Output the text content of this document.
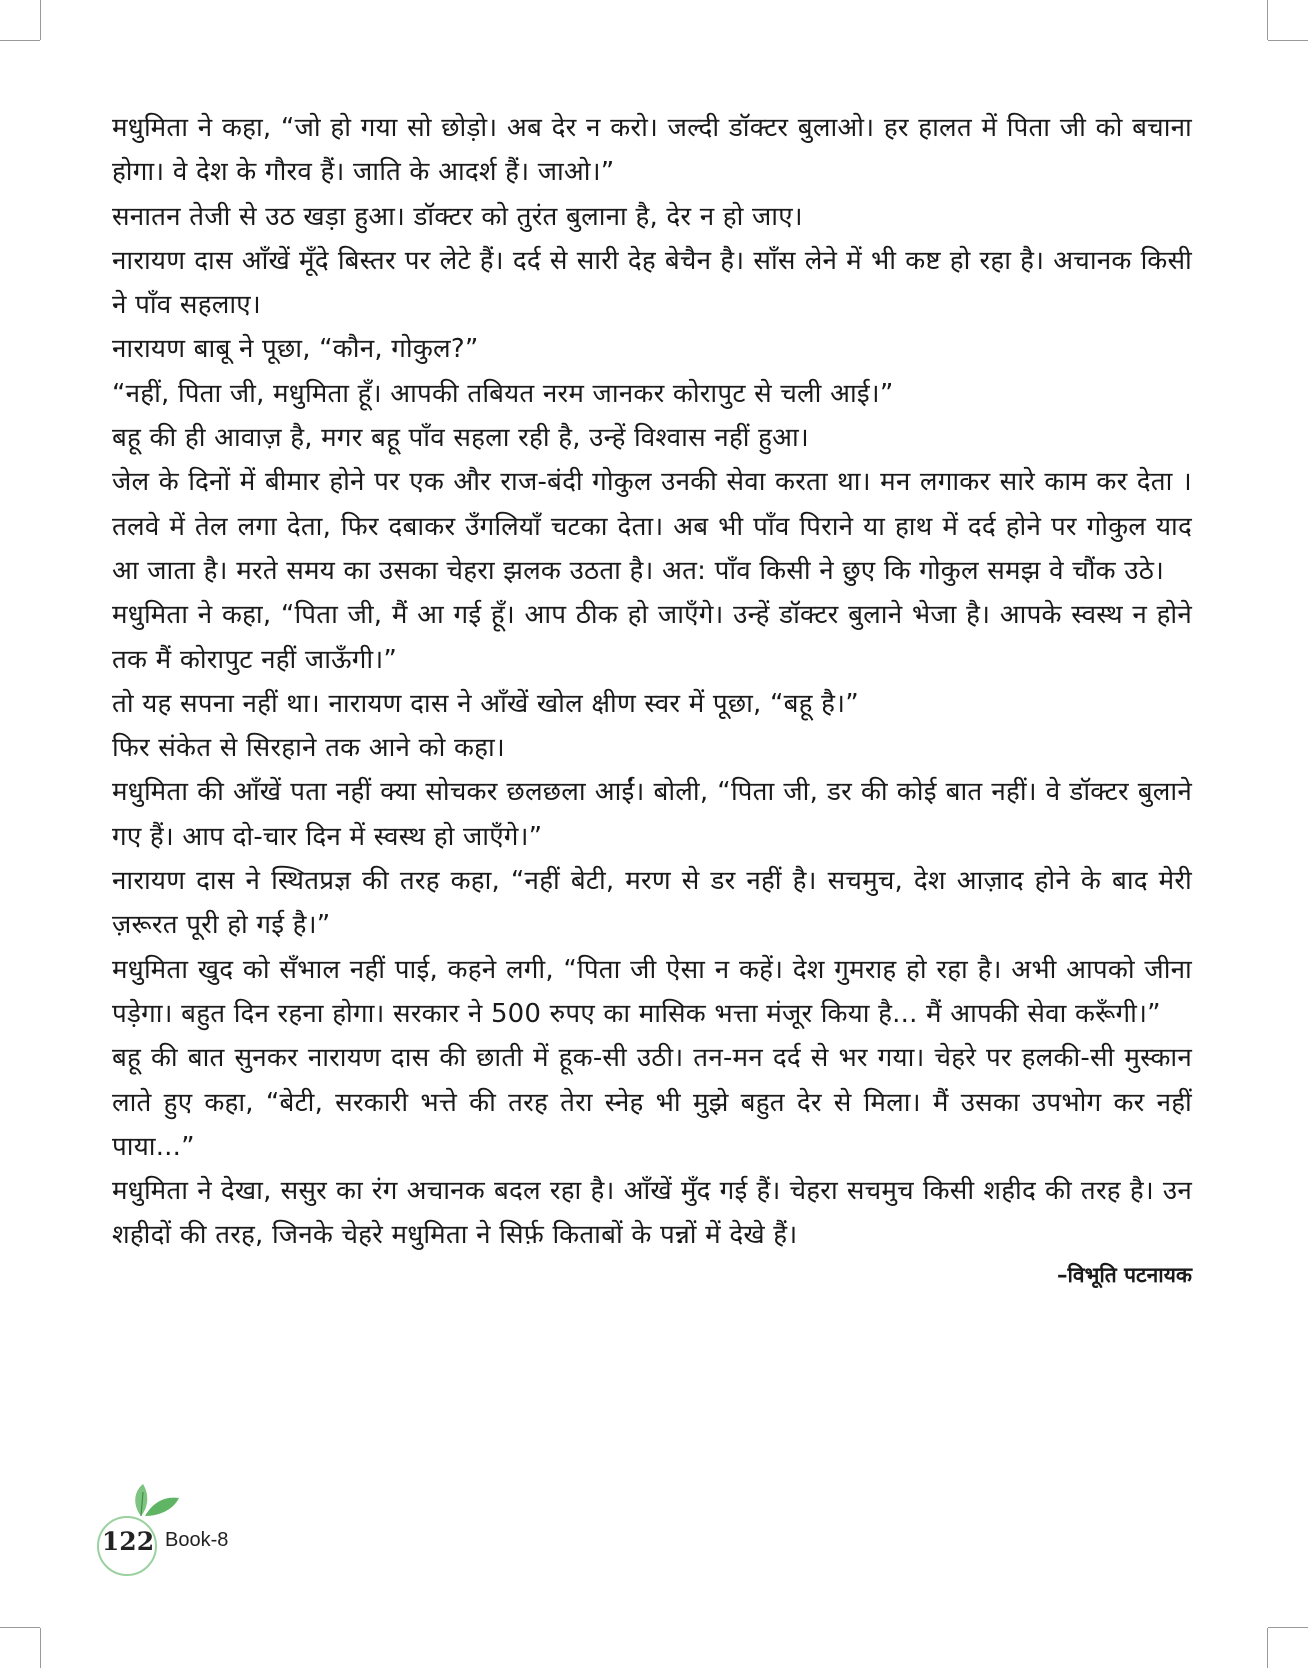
मधुमिता ने कहा, “जो हो गया सो छोड़ो। अब देर न करो। जल्दी डॉक्टर बुलाओ। हर हालत में पिता जी को बचाना होगा। वे देश के गौरव हैं। जाति के आदर्श हैं। जाओ।”

सनातन तेजी से उठ खड़ा हुआ। डॉक्टर को तुरंत बुलाना है, देर न हो जाए।

नारायण दास आँखें मूँदे बिस्तर पर लेटे हैं। दर्द से सारी देह बेचैन है। साँस लेने में भी कष्ट हो रहा है। अचानक किसी ने पाँव सहलाए।

नारायण बाबू ने पूछा, “कौन, गोकुल?”

“नहीं, पिता जी, मधुमिता हूँ। आपकी तबियत नरम जानकर कोरापुट से चली आई।”

बहू की ही आवाज़ है, मगर बहू पाँव सहला रही है, उन्हें विश्वास नहीं हुआ।

जेल के दिनों में बीमार होने पर एक और राज-बंदी गोकुल उनकी सेवा करता था। मन लगाकर सारे काम कर देता । तलवे में तेल लगा देता, फिर दबाकर उँगलियाँ चटका देता। अब भी पाँव पिराने या हाथ में दर्द होने पर गोकुल याद आ जाता है। मरते समय का उसका चेहरा झलक उठता है। अत: पाँव किसी ने छुए कि गोकुल समझ वे चौंक उठे।

मधुमिता ने कहा, “पिता जी, मैं आ गई हूँ। आप ठीक हो जाएँगे। उन्हें डॉक्टर बुलाने भेजा है। आपके स्वस्थ न होने तक मैं कोरापुट नहीं जाऊँगी।”

तो यह सपना नहीं था। नारायण दास ने आँखें खोल क्षीण स्वर में पूछा, “बहू है।”

फिर संकेत से सिरहाने तक आने को कहा।

मधुमिता की आँखें पता नहीं क्या सोचकर छलछला आईं। बोली, “पिता जी, डर की कोई बात नहीं। वे डॉक्टर बुलाने गए हैं। आप दो-चार दिन में स्वस्थ हो जाएँगे।”

नारायण दास ने स्थितप्रज्ञ की तरह कहा, “नहीं बेटी, मरण से डर नहीं है। सचमुच, देश आज़ाद होने के बाद मेरी ज़रूरत पूरी हो गई है।”

मधुमिता खुद को सँभाल नहीं पाई, कहने लगी, “पिता जी ऐसा न कहें। देश गुमराह हो रहा है। अभी आपको जीना पड़ेगा। बहुत दिन रहना होगा। सरकार ने 500 रुपए का मासिक भत्ता मंजूर किया है... मैं आपकी सेवा करूँगी।”

बहू की बात सुनकर नारायण दास की छाती में हूक-सी उठी। तन-मन दर्द से भर गया। चेहरे पर हलकी-सी मुस्कान लाते हुए कहा, “बेटी, सरकारी भत्ते की तरह तेरा स्नेह भी मुझे बहुत देर से मिला। मैं उसका उपभोग कर नहीं पाया...”

मधुमिता ने देखा, ससुर का रंग अचानक बदल रहा है। आँखें मुँद गई हैं। चेहरा सचमुच किसी शहीद की तरह है। उन शहीदों की तरह, जिनके चेहरे मधुमिता ने सिर्फ़ किताबों के पन्नों में देखे हैं।

–विभूति पटनायक

122 Book-8
